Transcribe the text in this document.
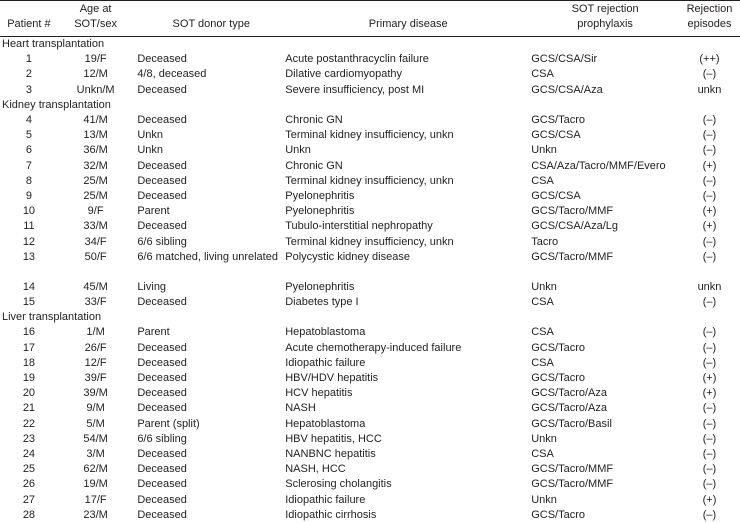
Patient #	Age at
SOT/sex	SOT donor type	Primary disease	SOT rejection
prophylaxis	Rejection
episodes
Heart transplantation					
1	19/F	Deceased	Acute postanthracyclin failure	GCS/CSA/Sir	(++)
2	12/M	4/8, deceased	Dilative cardiomyopathy	CSA	(–)
3	Unkn/M	Deceased	Severe insufficiency, post MI	GCS/CSA/Aza	unkn
Kidney transplantation					
4	41/M	Deceased	Chronic GN	GCS/Tacro	(–)
5	13/M	Unkn	Terminal kidney insufficiency, unkn	GCS/CSA	(–)
6	36/M	Unkn	Unkn	Unkn	(–)
7	32/M	Deceased	Chronic GN	CSA/Aza/Tacro/MMF/Evero	(+)
8	25/M	Deceased	Terminal kidney insufficiency, unkn	CSA	(–)
9	25/M	Deceased	Pyelonephritis	GCS/CSA	(–)
10	9/F	Parent	Pyelonephritis	GCS/Tacro/MMF	(+)
11	33/M	Deceased	Tubulo-interstitial nephropathy	GCS/CSA/Aza/Lg	(+)
12	34/F	6/6 sibling	Terminal kidney insufficiency, unkn	Tacro	(–)
13	50/F	6/6 matched, living unrelated	Polycystic kidney disease	GCS/Tacro/MMF	(–)
14	45/M	Living	Pyelonephritis	Unkn	unkn
15	33/F	Deceased	Diabetes type I	CSA	(–)
Liver transplantation					
16	1/M	Parent	Hepatoblastoma	CSA	(–)
17	26/F	Deceased	Acute chemotherapy-induced failure	GCS/Tacro	(–)
18	12/F	Deceased	Idiopathic failure	CSA	(–)
19	39/F	Deceased	HBV/HDV hepatitis	GCS/Tacro	(+)
20	39/M	Deceased	HCV hepatitis	GCS/Tacro/Aza	(+)
21	9/M	Deceased	NASH	GCS/Tacro/Aza	(–)
22	5/M	Parent (split)	Hepatoblastoma	GCS/Tacro/Basil	(–)
23	54/M	6/6 sibling	HBV hepatitis, HCC	Unkn	(–)
24	3/M	Deceased	NANBNC hepatitis	CSA	(–)
25	62/M	Deceased	NASH, HCC	GCS/Tacro/MMF	(–)
26	19/M	Deceased	Sclerosing cholangitis	GCS/Tacro/MMF	(–)
27	17/F	Deceased	Idiopathic failure	Unkn	(+)
28	23/M	Deceased	Idiopathic cirrhosis	GCS/Tacro	(–)
